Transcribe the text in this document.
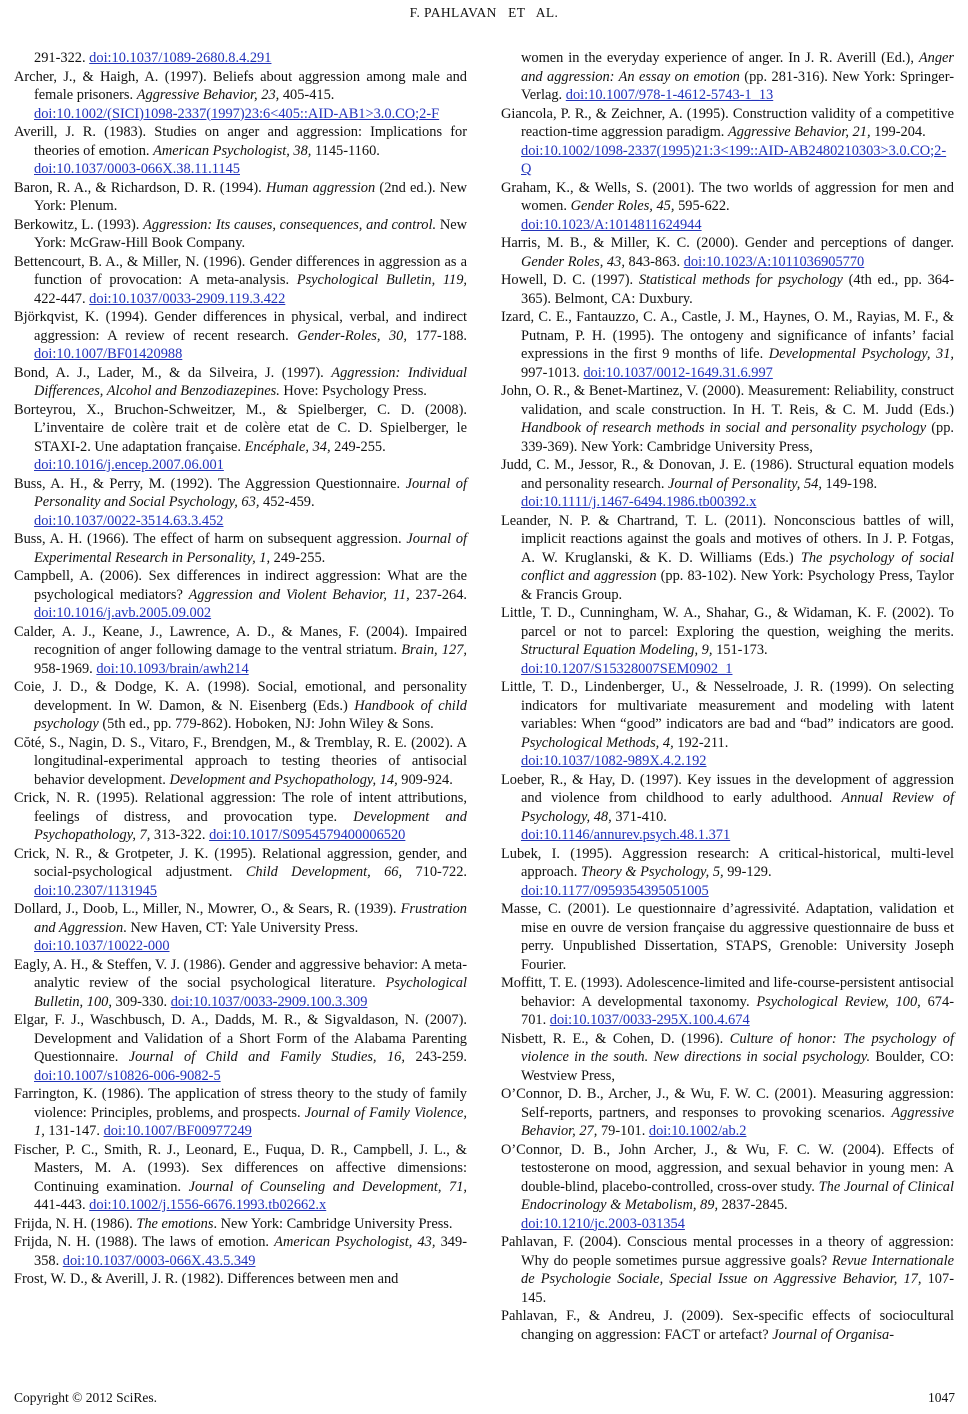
F. PAHLAVAN   ET   AL.

291-322. doi:10.1037/1089-2680.8.4.291

Archer, J., & Haigh, A. (1997). Beliefs about aggression among male and female prisoners. Aggressive Behavior, 23, 405-415.
doi:10.1002/(SICI)1098-2337(1997)23:6<405::AID-AB1>3.0.CO;2-F

Averill, J. R. (1983). Studies on anger and aggression: Implications for theories of emotion. American Psychologist, 38, 1145-1160.
doi:10.1037/0003-066X.38.11.1145

Baron, R. A., & Richardson, D. R. (1994). Human aggression (2nd ed.). New York: Plenum.

Berkowitz, L. (1993). Aggression: Its causes, consequences, and control. New York: McGraw-Hill Book Company.

Bettencourt, B. A., & Miller, N. (1996). Gender differences in aggression as a function of provocation: A meta-analysis. Psychological Bulletin, 119, 422-447. doi:10.1037/0033-2909.119.3.422

Björkqvist, K. (1994). Gender differences in physical, verbal, and indirect aggression: A review of recent research. Gender-Roles, 30, 177-188. doi:10.1007/BF01420988

Bond, A. J., Lader, M., & da Silveira, J. (1997). Aggression: Individual Differences, Alcohol and Benzodiazepines. Hove: Psychology Press.

Borteyrou, X., Bruchon-Schweitzer, M., & Spielberger, C. D. (2008). L’inventaire de colère trait et de colère etat de C. D. Spielberger, le STAXI-2. Une adaptation française. Encéphale, 34, 249-255.
doi:10.1016/j.encep.2007.06.001

Buss, A. H., & Perry, M. (1992). The Aggression Questionnaire. Journal of Personality and Social Psychology, 63, 452-459.
doi:10.1037/0022-3514.63.3.452

Buss, A. H. (1966). The effect of harm on subsequent aggression. Journal of Experimental Research in Personality, 1, 249-255.

Campbell, A. (2006). Sex differences in indirect aggression: What are the psychological mediators? Aggression and Violent Behavior, 11, 237-264. doi:10.1016/j.avb.2005.09.002

Calder, A. J., Keane, J., Lawrence, A. D., & Manes, F. (2004). Impaired recognition of anger following damage to the ventral striatum. Brain, 127, 958-1969. doi:10.1093/brain/awh214

Coie, J. D., & Dodge, K. A. (1998). Social, emotional, and personality development. In W. Damon, & N. Eisenberg (Eds.) Handbook of child psychology (5th ed., pp. 779-862). Hoboken, NJ: John Wiley & Sons.

Cŏté, S., Nagin, D. S., Vitaro, F., Brendgen, M., & Tremblay, R. E. (2002). A longitudinal-experimental approach to testing theories of antisocial behavior development. Development and Psychopathology, 14, 909-924.

Crick, N. R. (1995). Relational aggression: The role of intent attributions, feelings of distress, and provocation type. Development and Psychopathology, 7, 313-322. doi:10.1017/S0954579400006520

Crick, N. R., & Grotpeter, J. K. (1995). Relational aggression, gender, and social-psychological adjustment. Child Development, 66, 710-722. doi:10.2307/1131945

Dollard, J., Doob, L., Miller, N., Mowrer, O., & Sears, R. (1939). Frustration and Aggression. New Haven, CT: Yale University Press.
doi:10.1037/10022-000

Eagly, A. H., & Steffen, V. J. (1986). Gender and aggressive behavior: A meta-analytic review of the social psychological literature. Psychological Bulletin, 100, 309-330. doi:10.1037/0033-2909.100.3.309

Elgar, F. J., Waschbusch, D. A., Dadds, M. R., & Sigvaldason, N. (2007). Development and Validation of a Short Form of the Alabama Parenting Questionnaire. Journal of Child and Family Studies, 16, 243-259. doi:10.1007/s10826-006-9082-5

Farrington, K. (1986). The application of stress theory to the study of family violence: Principles, problems, and prospects. Journal of Family Violence, 1, 131-147. doi:10.1007/BF00977249

Fischer, P. C., Smith, R. J., Leonard, E., Fuqua, D. R., Campbell, J. L., & Masters, M. A. (1993). Sex differences on affective dimensions: Continuing examination. Journal of Counseling and Development, 71, 441-443. doi:10.1002/j.1556-6676.1993.tb02662.x

Frijda, N. H. (1986). The emotions. New York: Cambridge University Press.

Frijda, N. H. (1988). The laws of emotion. American Psychologist, 43, 349-358. doi:10.1037/0003-066X.43.5.349

Frost, W. D., & Averill, J. R. (1982). Differences between men and

women in the everyday experience of anger. In J. R. Averill (Ed.), Anger and aggression: An essay on emotion (pp. 281-316). New York: Springer-Verlag. doi:10.1007/978-1-4612-5743-1_13

Giancola, P. R., & Zeichner, A. (1995). Construction validity of a competitive reaction-time aggression paradigm. Aggressive Behavior, 21, 199-204.
doi:10.1002/1098-2337(1995)21:3<199::AID-AB2480210303>3.0.CO;2-Q

Graham, K., & Wells, S. (2001). The two worlds of aggression for men and women. Gender Roles, 45, 595-622.
doi:10.1023/A:1014811624944

Harris, M. B., & Miller, K. C. (2000). Gender and perceptions of danger. Gender Roles, 43, 843-863. doi:10.1023/A:1011036905770

Howell, D. C. (1997). Statistical methods for psychology (4th ed., pp. 364-365). Belmont, CA: Duxbury.

Izard, C. E., Fantauzzo, C. A., Castle, J. M., Haynes, O. M., Rayias, M. F., & Putnam, P. H. (1995). The ontogeny and significance of infants’ facial expressions in the first 9 months of life. Developmental Psychology, 31, 997-1013. doi:10.1037/0012-1649.31.6.997

John, O. R., & Benet-Martinez, V. (2000). Measurement: Reliability, construct validation, and scale construction. In H. T. Reis, & C. M. Judd (Eds.) Handbook of research methods in social and personality psychology (pp. 339-369). New York: Cambridge University Press,

Judd, C. M., Jessor, R., & Donovan, J. E. (1986). Structural equation models and personality research. Journal of Personality, 54, 149-198.
doi:10.1111/j.1467-6494.1986.tb00392.x

Leander, N. P. & Chartrand, T. L. (2011). Nonconscious battles of will, implicit reactions against the goals and motives of others. In J. P. Fotgas, A. W. Kruglanski, & K. D. Williams (Eds.) The psychology of social conflict and aggression (pp. 83-102). New York: Psychology Press, Taylor & Francis Group.

Little, T. D., Cunningham, W. A., Shahar, G., & Widaman, K. F. (2002). To parcel or not to parcel: Exploring the question, weighing the merits. Structural Equation Modeling, 9, 151-173.
doi:10.1207/S15328007SEM0902_1

Little, T. D., Lindenberger, U., & Nesselroade, J. R. (1999). On selecting indicators for multivariate measurement and modeling with latent variables: When “good” indicators are bad and “bad” indicators are good. Psychological Methods, 4, 192-211.
doi:10.1037/1082-989X.4.2.192

Loeber, R., & Hay, D. (1997). Key issues in the development of aggression and violence from childhood to early adulthood. Annual Review of Psychology, 48, 371-410.
doi:10.1146/annurev.psych.48.1.371

Lubek, I. (1995). Aggression research: A critical-historical, multi-level approach. Theory & Psychology, 5, 99-129.
doi:10.1177/0959354395051005

Masse, C. (2001). Le questionnaire d’agressivité. Adaptation, validation et mise en ouvre de version française du aggressive questionnaire de buss et perry. Unpublished Dissertation, STAPS, Grenoble: University Joseph Fourier.

Moffitt, T. E. (1993). Adolescence-limited and life-course-persistent antisocial behavior: A developmental taxonomy. Psychological Review, 100, 674-701. doi:10.1037/0033-295X.100.4.674

Nisbett, R. E., & Cohen, D. (1996). Culture of honor: The psychology of violence in the south. New directions in social psychology. Boulder, CO: Westview Press,

O’Connor, D. B., Archer, J., & Wu, F. W. C. (2001). Measuring aggression: Self-reports, partners, and responses to provoking scenarios. Aggressive Behavior, 27, 79-101. doi:10.1002/ab.2

O’Connor, D. B., John Archer, J., & Wu, F. C. W. (2004). Effects of testosterone on mood, aggression, and sexual behavior in young men: A double-blind, placebo-controlled, cross-over study. The Journal of Clinical Endocrinology & Metabolism, 89, 2837-2845.
doi:10.1210/jc.2003-031354

Pahlavan, F. (2004). Conscious mental processes in a theory of aggression: Why do people sometimes pursue aggressive goals? Revue Internationale de Psychologie Sociale, Special Issue on Aggressive Behavior, 17, 107-145.

Pahlavan, F., & Andreu, J. (2009). Sex-specific effects of sociocultural changing on aggression: FACT or artefact? Journal of Organisa-

Copyright © 2012 SciRes.	1047
